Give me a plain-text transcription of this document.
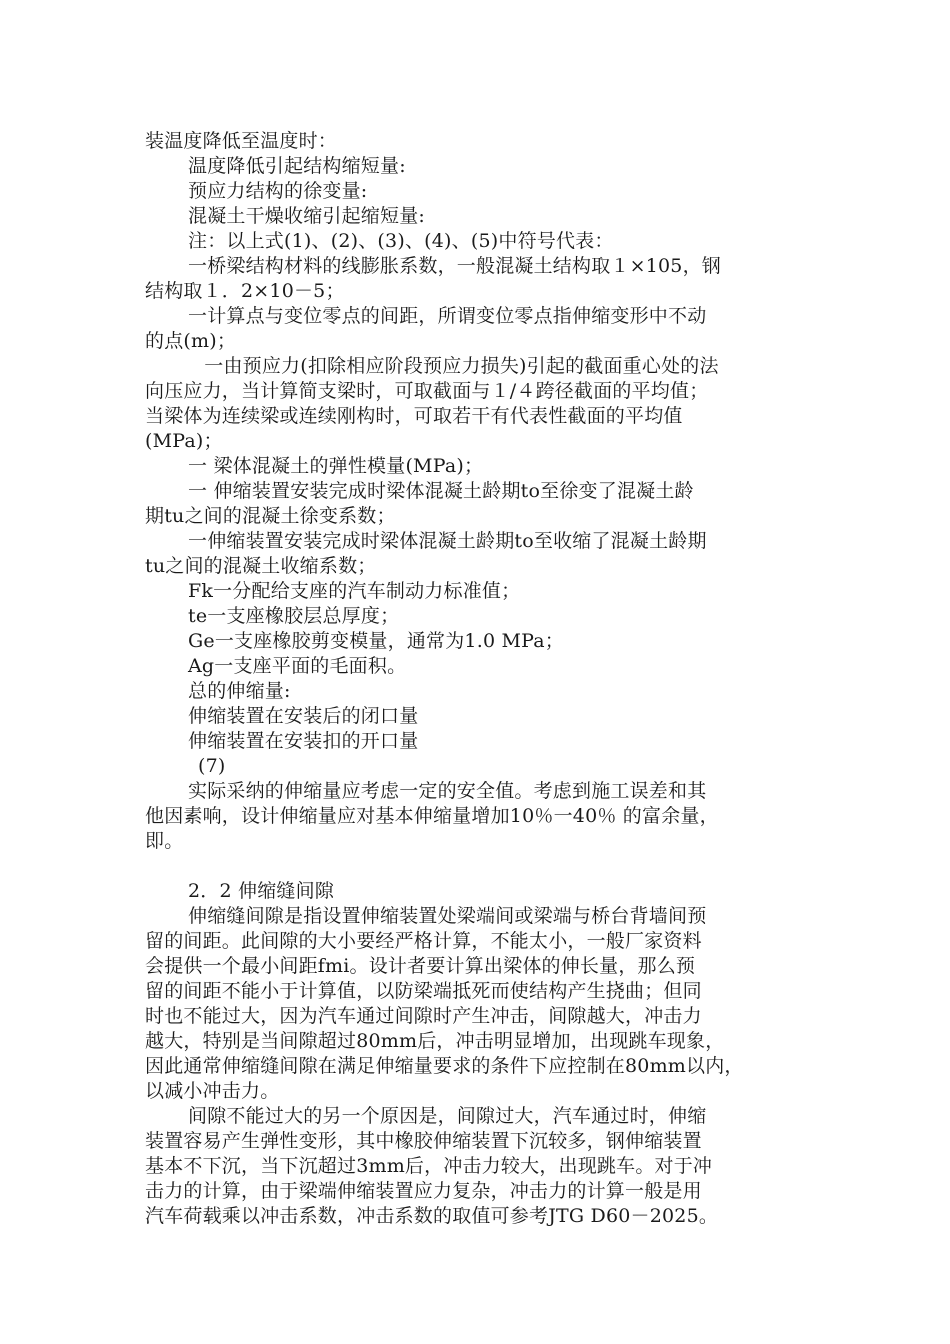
装温度降低至温度时：
温度降低引起结构缩短量:
预应力结构的徐变量:
混凝土干燥收缩引起缩短量:
注：以上式(1)、(2)、(3)、(4)、(5)中符号代表：
一桥梁结构材料的线膨胀系数，一般混凝土结构取１×105，钢
结构取１．2×10－5；
一计算点与变位零点的间距，所谓变位零点指伸缩变形中不动
的点(m)；
一由预应力(扣除相应阶段预应力损失)引起的截面重心处的法
向压应力，当计算简支梁时，可取截面与１/４跨径截面的平均值；
当梁体为连续梁或连续刚构时，可取若干有代表性截面的平均值
(MPa)；
一 梁体混凝土的弹性模量(MPa)；
一 伸缩装置安装完成时梁体混凝土龄期to至徐变了混凝土龄
期tu之间的混凝土徐变系数；
一伸缩装置安装完成时梁体混凝土龄期to至收缩了混凝土龄期
tu之间的混凝土收缩系数；
Fk一分配给支座的汽车制动力标准值；
te一支座橡胶层总厚度；
Ge一支座橡胶剪变模量，通常为1.0 MPa；
Ag一支座平面的毛面积。
总的伸缩量:
伸缩装置在安装后的闭口量
伸缩装置在安装扣的开口量
(7)
实际采纳的伸缩量应考虑一定的安全值。考虑到施工误差和其
他因素响，设计伸缩量应对基本伸缩量增加10％一40％ 的富余量，
即。
2．2 伸缩缝间隙
伸缩缝间隙是指设置伸缩装置处梁端间或梁端与桥台背墙间预
留的间距。此间隙的大小要经严格计算，不能太小，一般厂家资料
会提供一个最小间距fmi。设计者要计算出梁体的伸长量，那么预
留的间距不能小于计算值，以防梁端抵死而使结构产生挠曲；但同
时也不能过大，因为汽车通过间隙时产生冲击，间隙越大，冲击力
越大，特别是当间隙超过80mm后，冲击明显增加，出现跳车现象，
因此通常伸缩缝间隙在满足伸缩量要求的条件下应控制在80mm以内，
以减小冲击力。
间隙不能过大的另一个原因是，间隙过大，汽车通过时，伸缩
装置容易产生弹性变形，其中橡胶伸缩装置下沉较多，钢伸缩装置
基本不下沉，当下沉超过3mm后，冲击力较大，出现跳车。对于冲
击力的计算，由于梁端伸缩装置应力复杂，冲击力的计算一般是用
汽车荷载乘以冲击系数，冲击系数的取值可参考JTG D60－2025。
